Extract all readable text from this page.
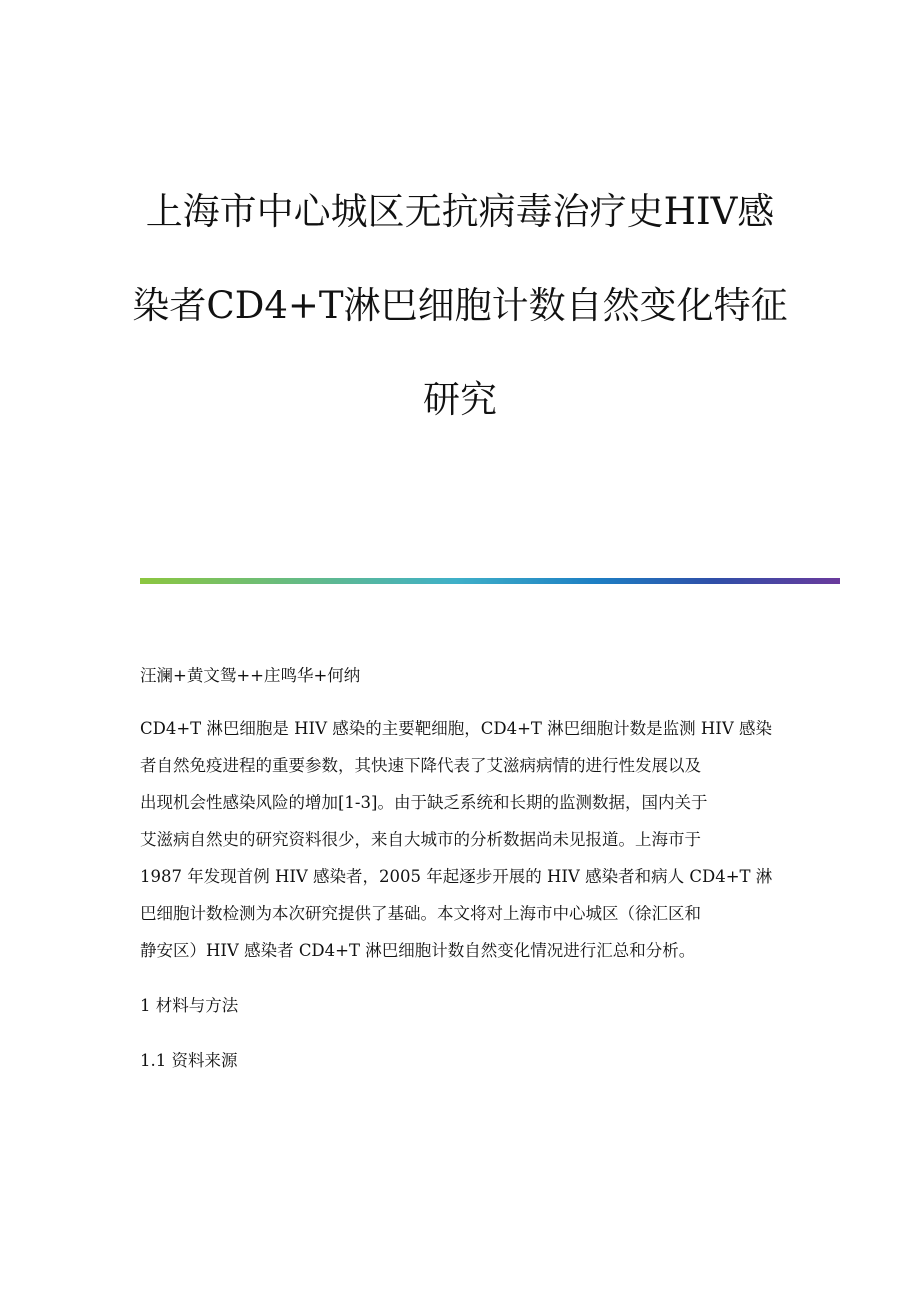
上海市中心城区无抗病毒治疗史HIV感
染者CD4+T淋巴细胞计数自然变化特征
研究
汪澜+黄文鸳++庄鸣华+何纳
CD4+T 淋巴细胞是 HIV 感染的主要靶细胞，CD4+T 淋巴细胞计数是监测 HIV 感染
者自然免疫进程的重要参数，其快速下降代表了艾滋病病情的进行性发展以及
出现机会性感染风险的增加[1-3]。由于缺乏系统和长期的监测数据，国内关于
艾滋病自然史的研究资料很少，来自大城市的分析数据尚未见报道。上海市于
1987 年发现首例 HIV 感染者，2005 年起逐步开展的 HIV 感染者和病人 CD4+T 淋
巴细胞计数检测为本次研究提供了基础。本文将对上海市中心城区（徐汇区和
静安区）HIV 感染者 CD4+T 淋巴细胞计数自然变化情况进行汇总和分析。
1 材料与方法
1.1 资料来源
